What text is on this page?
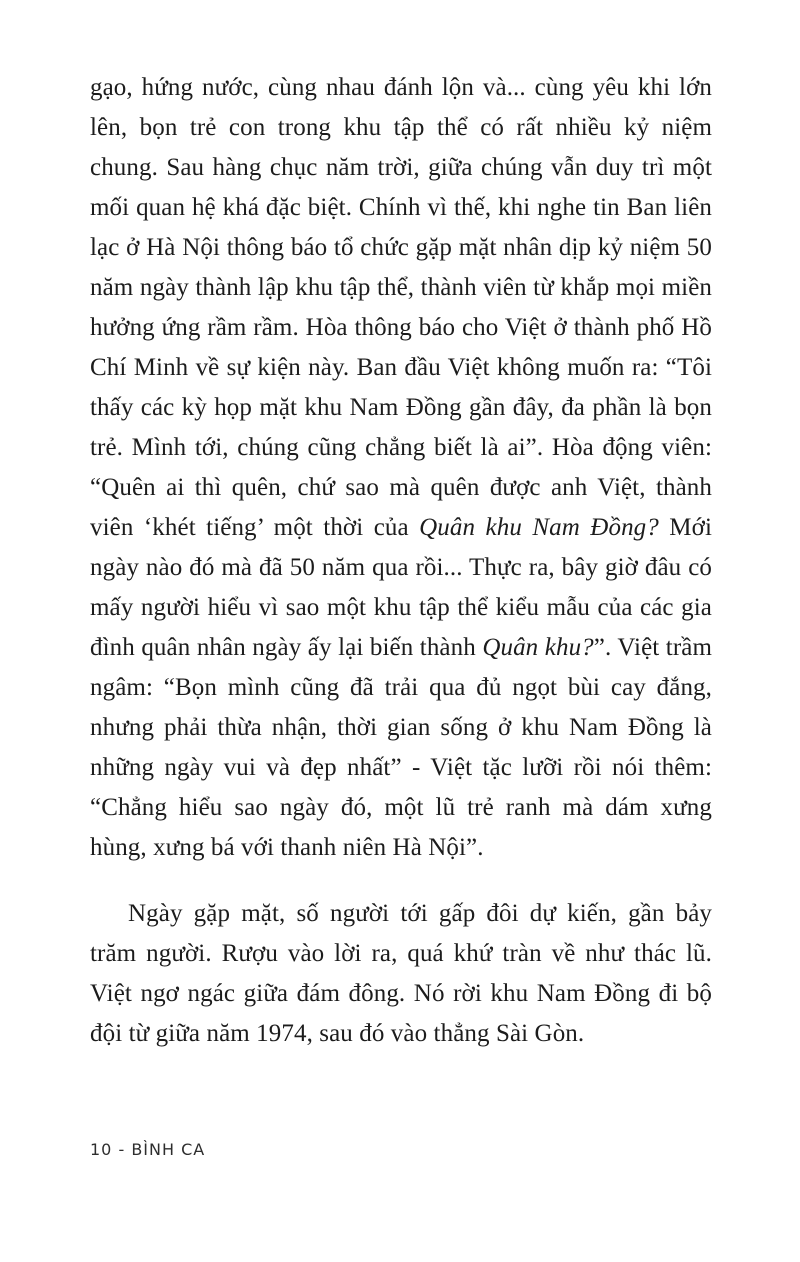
gạo, hứng nước, cùng nhau đánh lộn và... cùng yêu khi lớn lên, bọn trẻ con trong khu tập thể có rất nhiều kỷ niệm chung. Sau hàng chục năm trời, giữa chúng vẫn duy trì một mối quan hệ khá đặc biệt. Chính vì thế, khi nghe tin Ban liên lạc ở Hà Nội thông báo tổ chức gặp mặt nhân dịp kỷ niệm 50 năm ngày thành lập khu tập thể, thành viên từ khắp mọi miền hưởng ứng rầm rầm. Hòa thông báo cho Việt ở thành phố Hồ Chí Minh về sự kiện này. Ban đầu Việt không muốn ra: “Tôi thấy các kỳ họp mặt khu Nam Đồng gần đây, đa phần là bọn trẻ. Mình tới, chúng cũng chẳng biết là ai”. Hòa động viên: “Quên ai thì quên, chứ sao mà quên được anh Việt, thành viên ‘khét tiếng’ một thời của Quân khu Nam Đồng? Mới ngày nào đó mà đã 50 năm qua rồi... Thực ra, bây giờ đâu có mấy người hiểu vì sao một khu tập thể kiểu mẫu của các gia đình quân nhân ngày ấy lại biến thành Quân khu?”. Việt trầm ngâm: “Bọn mình cũng đã trải qua đủ ngọt bùi cay đắng, nhưng phải thừa nhận, thời gian sống ở khu Nam Đồng là những ngày vui và đẹp nhất” - Việt tặc lưỡi rồi nói thêm: “Chẳng hiểu sao ngày đó, một lũ trẻ ranh mà dám xưng hùng, xưng bá với thanh niên Hà Nội”.

Ngày gặp mặt, số người tới gấp đôi dự kiến, gần bảy trăm người. Rượu vào lời ra, quá khứ tràn về như thác lũ. Việt ngơ ngác giữa đám đông. Nó rời khu Nam Đồng đi bộ đội từ giữa năm 1974, sau đó vào thẳng Sài Gòn.

10 - BÌNH CA
